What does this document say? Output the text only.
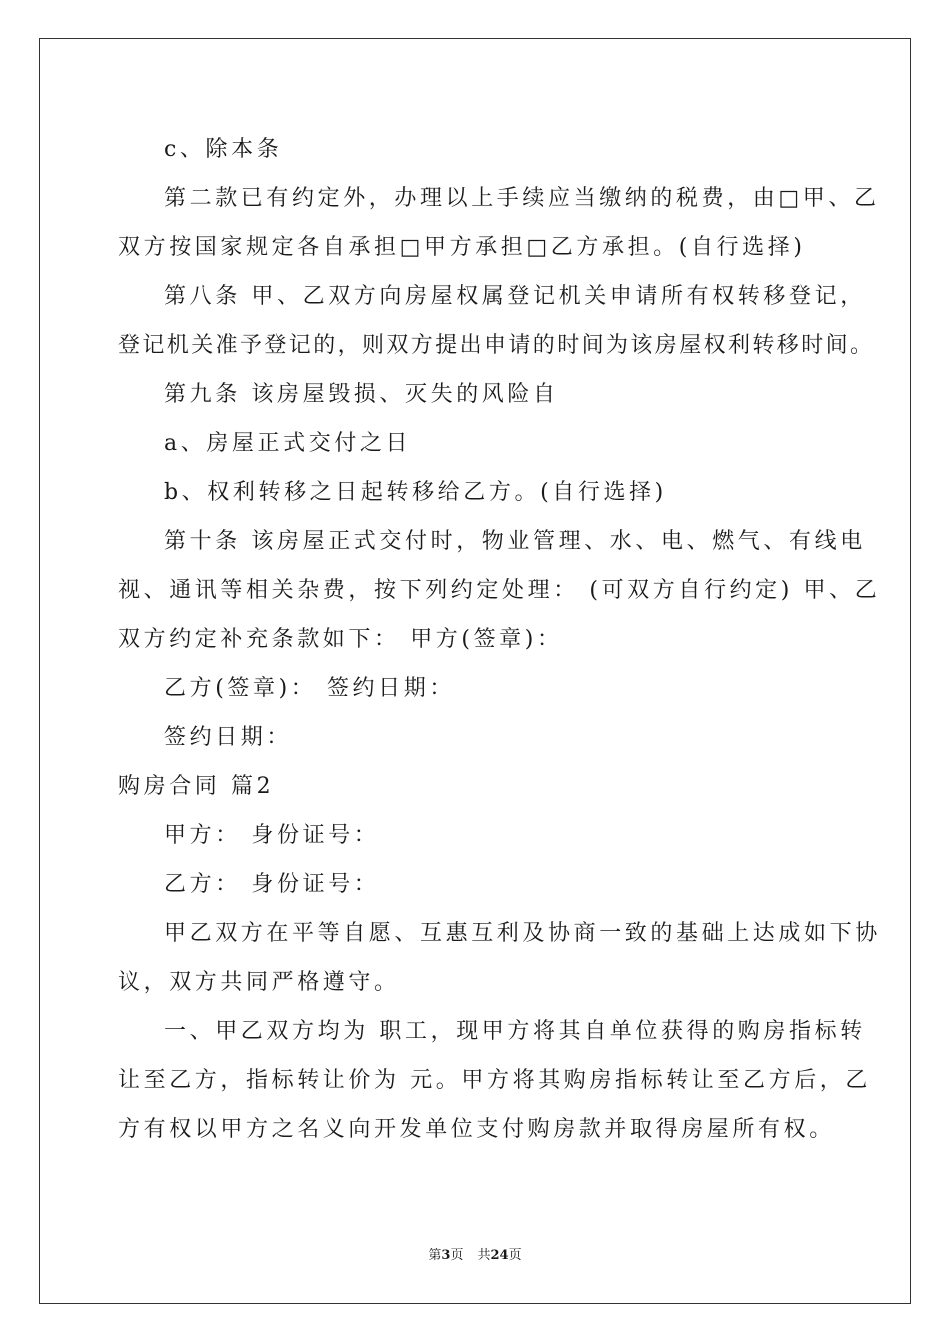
c、除本条
第二款已有约定外，办理以上手续应当缴纳的税费，由□甲、乙
双方按国家规定各自承担□甲方承担□乙方承担。(自行选择)
第八条 甲、乙双方向房屋权属登记机关申请所有权转移登记，
登记机关准予登记的，则双方提出申请的时间为该房屋权利转移时间。
第九条 该房屋毁损、灭失的风险自
a、房屋正式交付之日
b、权利转移之日起转移给乙方。(自行选择)
第十条 该房屋正式交付时，物业管理、水、电、燃气、有线电
视、通讯等相关杂费，按下列约定处理： (可双方自行约定) 甲、乙
双方约定补充条款如下： 甲方(签章)：
乙方(签章)： 签约日期：
签约日期：
购房合同 篇2
甲方： 身份证号：
乙方： 身份证号：
甲乙双方在平等自愿、互惠互利及协商一致的基础上达成如下协
议，双方共同严格遵守。
一、甲乙双方均为 职工，现甲方将其自单位获得的购房指标转
让至乙方，指标转让价为 元。甲方将其购房指标转让至乙方后，乙
方有权以甲方之名义向开发单位支付购房款并取得房屋所有权。
第3页 共24页
